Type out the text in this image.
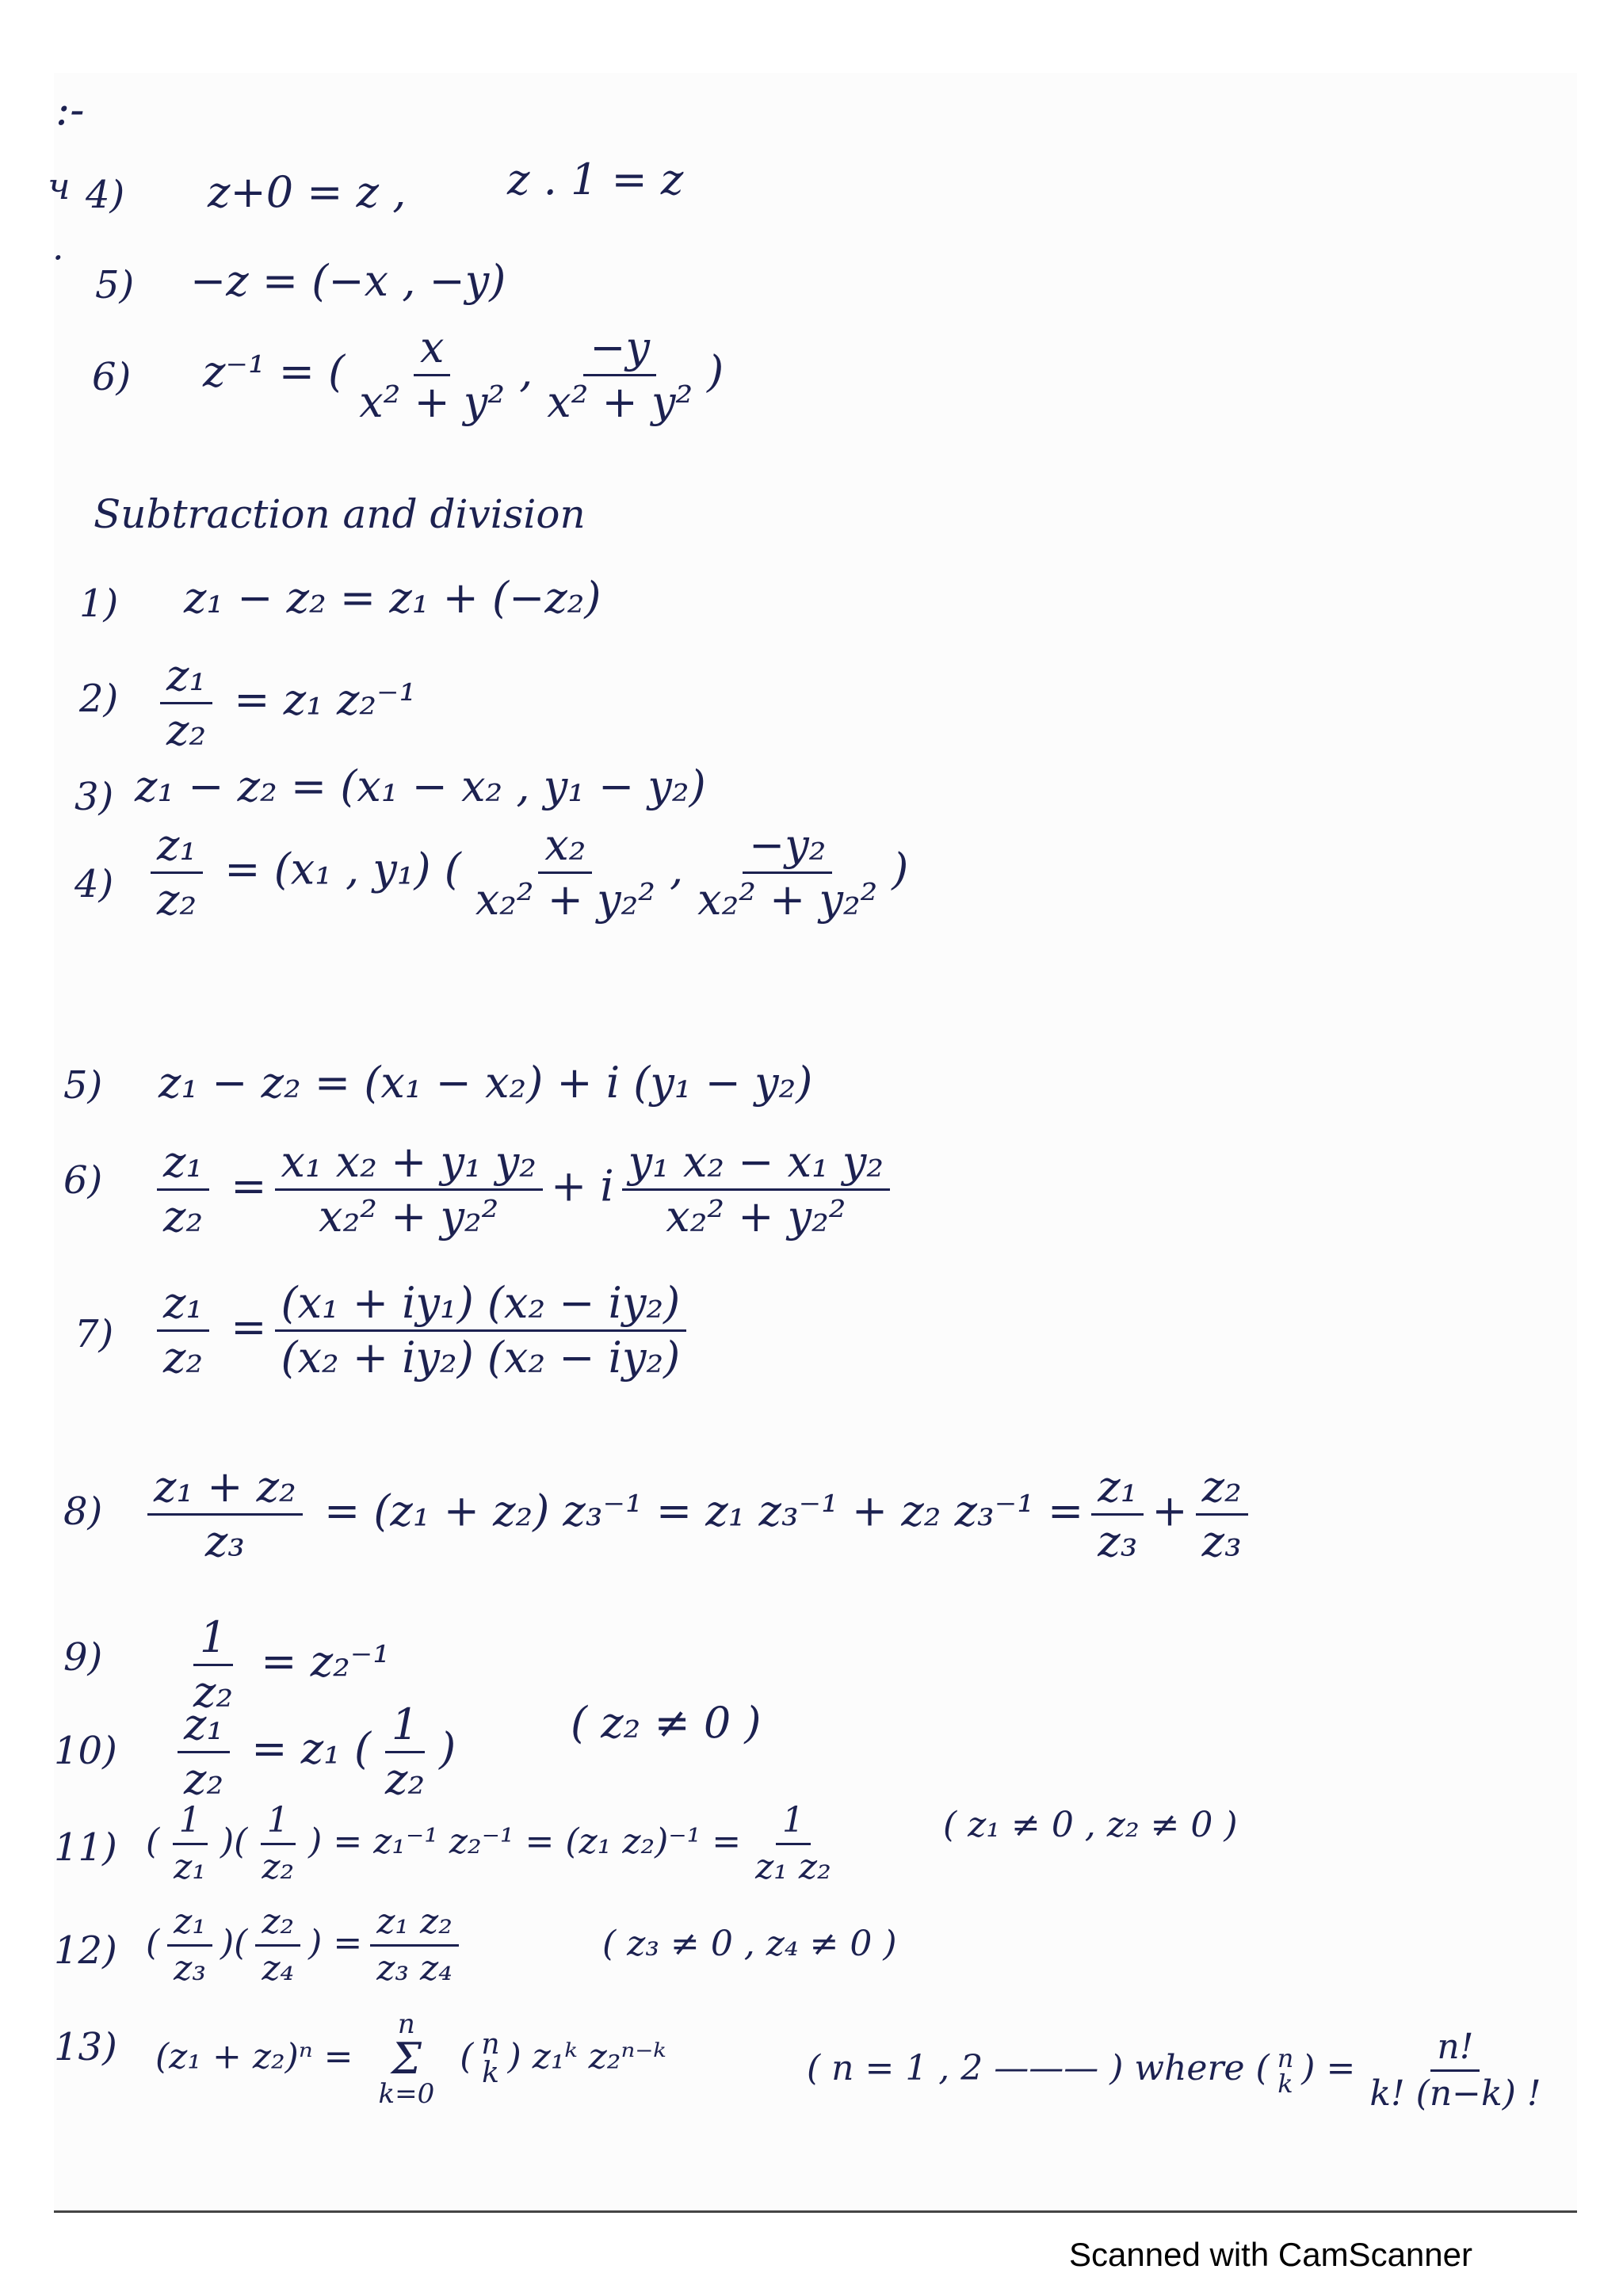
:-
ч
·
4) z+0 = z , z . 1 = z
5) −z = (−x , −y)
6) z⁻¹ = ( $\frac{x}{\text{x² + y²}}$ , $\frac{-y}{\text{x² + y²}}$ )
Subtraction and division
1) z₁ − z₂ = z₁ + (−z₂)
$2) \frac{\text{z₁}}{\text{z₂}} = z_1$ z₂⁻¹
3) z₁ − z₂ = (x₁ − x₂ , y₁ − y₂)
$4) \frac{\text{z₁}}{\text{z₂}} = (x_1$ , y₁) ( $\frac{\text{x₂}}{\text{x₂² + y₂²}}$ , $\frac{\text{−y₂}}{\text{x₂² + y₂²}}$ )
5) z₁ − z₂ = (x₁ − x₂) + i (y₁ − y₂)
$6) \frac{\text{z₁}}{\text{z₂}} = \frac{\text{x₁ x₂ + y₁ y₂}}{\text{x₂² + y₂²}} + i \frac{\text{y₁ x₂ − x₁ y₂}}{\text{x₂² + y₂²}}$
$7) \frac{\text{z₁}}{\text{z₂}} = \frac{\text{(x₁ + iy₁) (x₂ − iy₂)}}{\text{(x₂ + iy₂) (x₂ − iy₂)}}$
$8) \frac{\text{z₁ + z₂}}{\text{z₃}} = (z_1 + z_2) z_3^{-1} = z_1$ z₃⁻¹ + z₂ $z_3^{-1} = \frac{\text{z₁}}{\text{z₃}} + \frac{\text{z₂}}{\text{z₃}}$
$9) \frac{1}{\text{z₂}} = z_2^{-1}$
$10) \frac{\text{z₁}}{\text{z₂}} = z_1$ ( $\frac{1}{\text{z₂}}$ )
( z₂ ≠ 0 )
11) ( $\frac{1}{\text{z₁}}$ )( $\frac{1}{\text{z₂}}$ ) = z₁⁻¹ z₂⁻¹ = (z₁ $z_2)^{-1} = \frac{1}{\text{z₁ z₂}}$	( z₁ ≠ 0 , z₂ ≠ 0 )
12) ( $\frac{\text{z₁}}{\text{z₃}}$ )( $\frac{\text{z₂}}{\text{z₄}}$ ) = $\frac{\text{z₁ z₂}}{\text{z₃ z₄}}$	( z₃ ≠ 0 , z₄ ≠ 0 )
13) (z₁ + z₂)ⁿ =
n
Σ
k=0
( n
k ) z₁ᵏ z₂ⁿ⁻ᵏ	( n = 1 , 2 ——— ) where ( n
k ) = $\frac{n!}{k! (n-k) !}$
Scanned with CamScanner
